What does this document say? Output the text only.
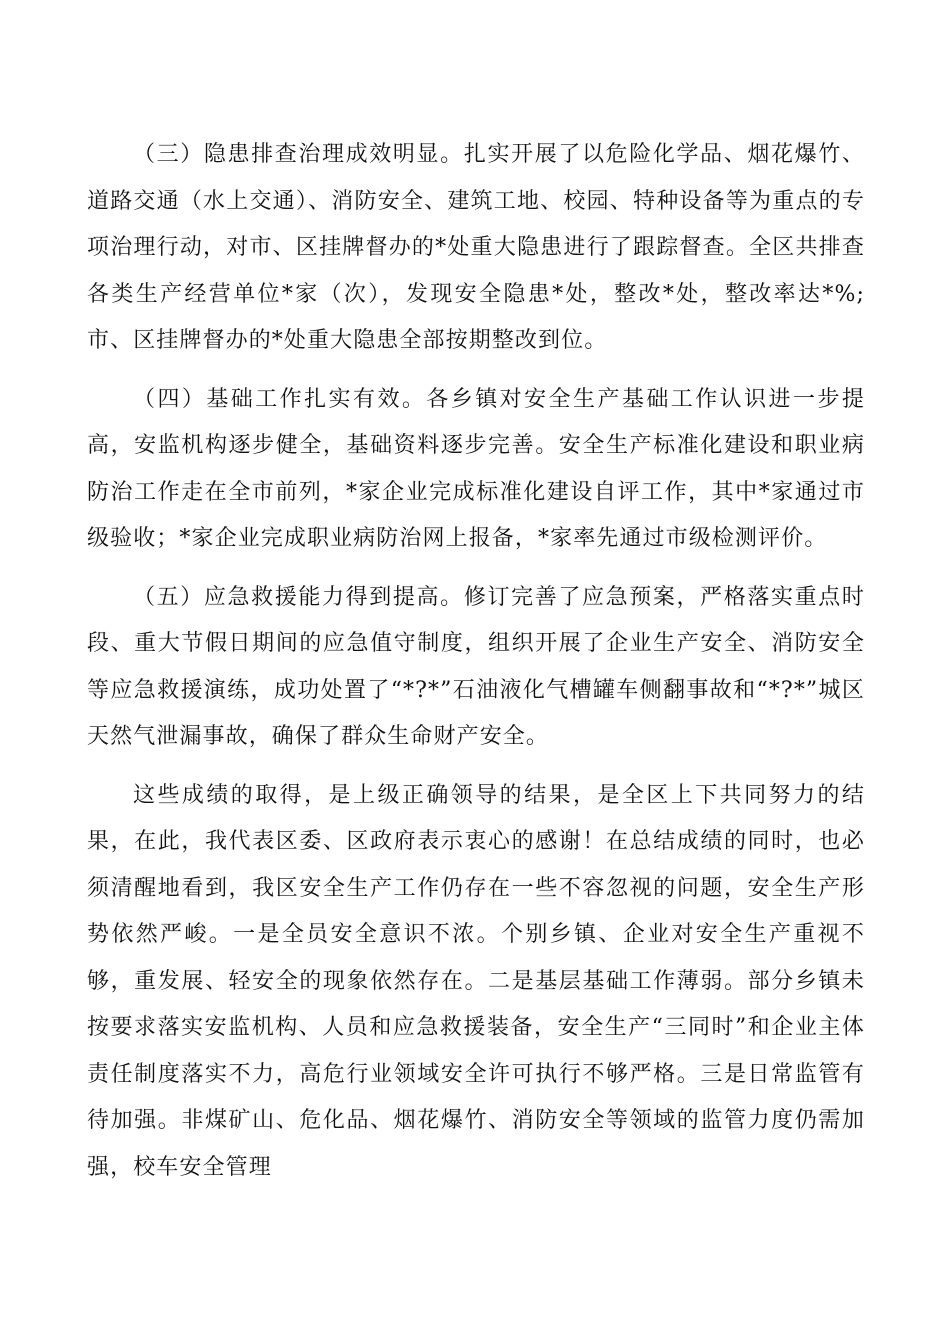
（三）隐患排查治理成效明显。扎实开展了以危险化学品、烟花爆竹、道路交通（水上交通）、消防安全、建筑工地、校园、特种设备等为重点的专项治理行动，对市、区挂牌督办的*处重大隐患进行了跟踪督查。全区共排查各类生产经营单位*家（次），发现安全隐患*处，整改*处，整改率达*%;市、区挂牌督办的*处重大隐患全部按期整改到位。

（四）基础工作扎实有效。各乡镇对安全生产基础工作认识进一步提高，安监机构逐步健全，基础资料逐步完善。安全生产标准化建设和职业病防治工作走在全市前列，*家企业完成标准化建设自评工作，其中*家通过市级验收；*家企业完成职业病防治网上报备，*家率先通过市级检测评价。

（五）应急救援能力得到提高。修订完善了应急预案，严格落实重点时段、重大节假日期间的应急值守制度，组织开展了企业生产安全、消防安全等应急救援演练，成功处置了“*?*”石油液化气槽罐车侧翻事故和“*?*”城区天然气泄漏事故，确保了群众生命财产安全。

这些成绩的取得，是上级正确领导的结果，是全区上下共同努力的结果，在此，我代表区委、区政府表示衷心的感谢！在总结成绩的同时，也必须清醒地看到，我区安全生产工作仍存在一些不容忽视的问题，安全生产形势依然严峻。一是全员安全意识不浓。个别乡镇、企业对安全生产重视不够，重发展、轻安全的现象依然存在。二是基层基础工作薄弱。部分乡镇未按要求落实安监机构、人员和应急救援装备，安全生产“三同时”和企业主体责任制度落实不力，高危行业领域安全许可执行不够严格。三是日常监管有待加强。非煤矿山、危化品、烟花爆竹、消防安全等领域的监管力度仍需加强，校车安全管理
